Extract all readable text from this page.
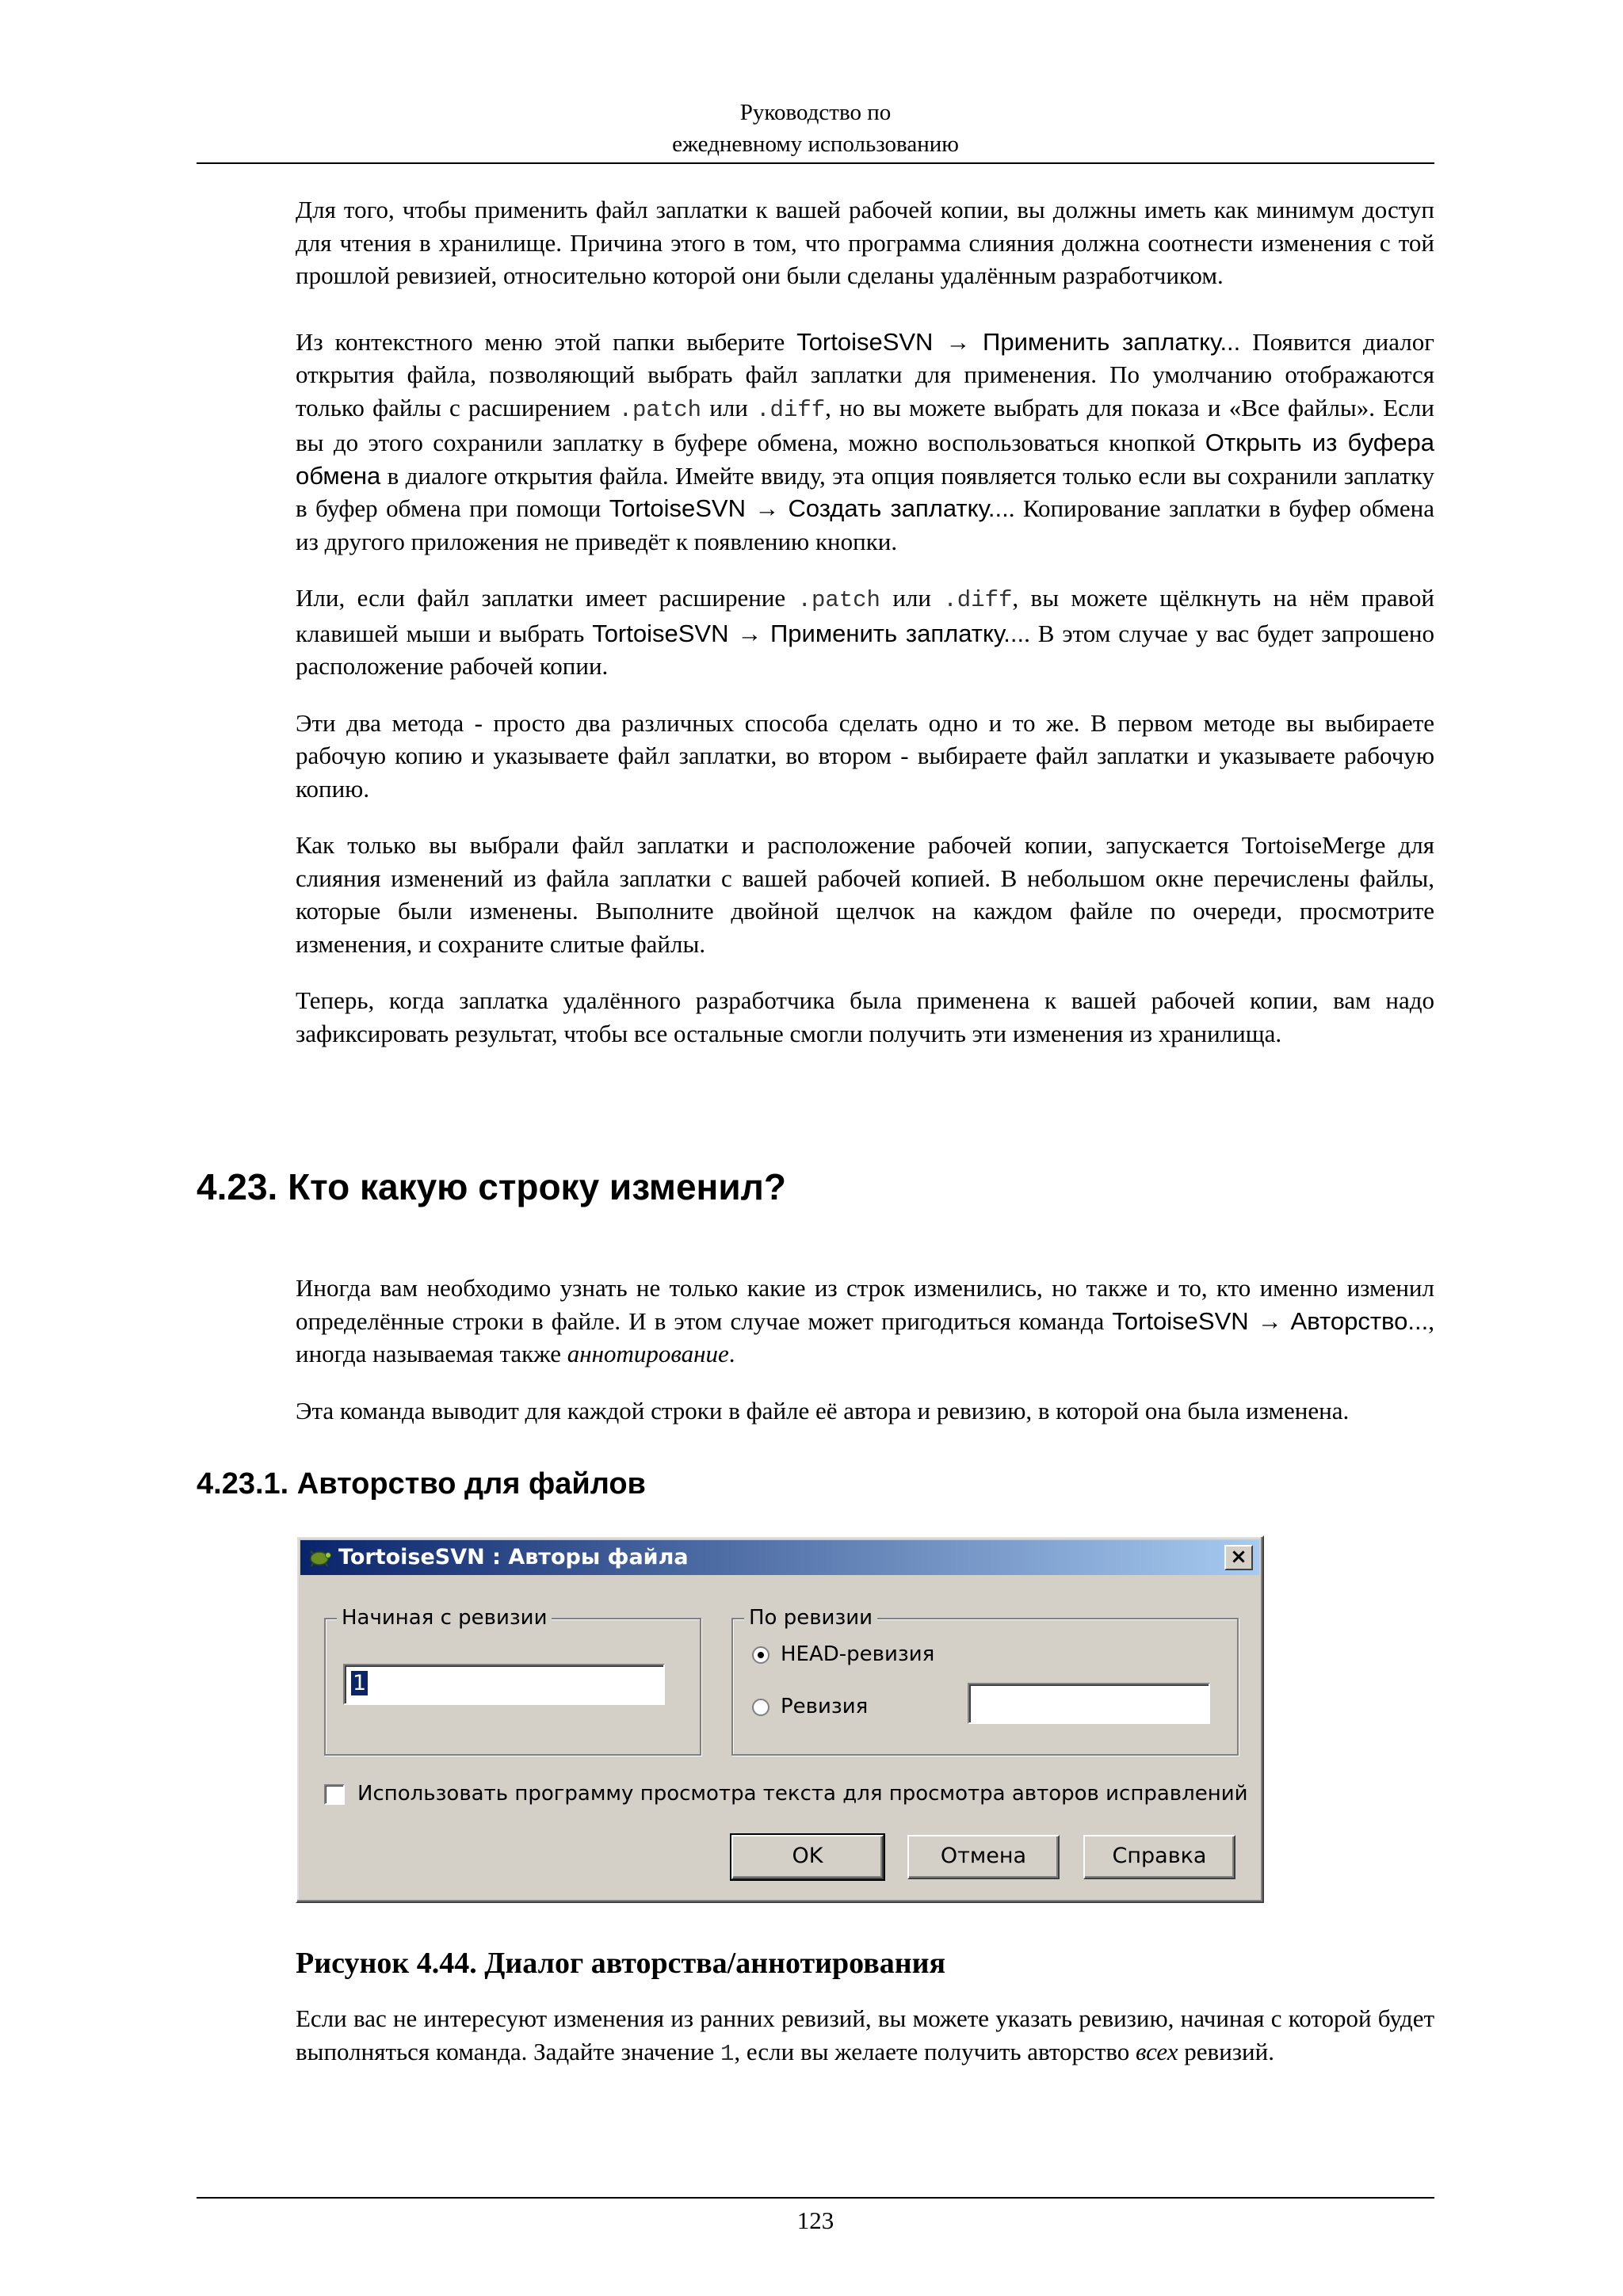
Руководство по
ежедневному использованию

Для того, чтобы применить файл заплатки к вашей рабочей копии, вы должны иметь как минимум доступ для чтения в хранилище. Причина этого в том, что программа слияния должна соотнести изменения с той прошлой ревизией, относительно которой они были сделаны удалённым разработчиком.

Из контекстного меню этой папки выберите TortoiseSVN → Применить заплатку... Появится диалог открытия файла, позволяющий выбрать файл заплатки для применения. По умолчанию отображаются только файлы с расширением .patch или .diff, но вы можете выбрать для показа и «Все файлы». Если вы до этого сохранили заплатку в буфере обмена, можно воспользоваться кнопкой Открыть из буфера обмена в диалоге открытия файла. Имейте ввиду, эта опция появляется только если вы сохранили заплатку в буфер обмена при помощи TortoiseSVN → Создать заплатку.... Копирование заплатки в буфер обмена из другого приложения не приведёт к появлению кнопки.

Или, если файл заплатки имеет расширение .patch или .diff, вы можете щёлкнуть на нём правой клавишей мыши и выбрать TortoiseSVN → Применить заплатку.... В этом случае у вас будет запрошено расположение рабочей копии.

Эти два метода - просто два различных способа сделать одно и то же. В первом методе вы выбираете рабочую копию и указываете файл заплатки, во втором - выбираете файл заплатки и указываете рабочую копию.

Как только вы выбрали файл заплатки и расположение рабочей копии, запускается TortoiseMerge для слияния изменений из файла заплатки с вашей рабочей копией. В небольшом окне перечислены файлы, которые были изменены. Выполните двойной щелчок на каждом файле по очереди, просмотрите изменения, и сохраните слитые файлы.

Теперь, когда заплатка удалённого разработчика была применена к вашей рабочей копии, вам надо зафиксировать результат, чтобы все остальные смогли получить эти изменения из хранилища.

4.23. Кто какую строку изменил?

Иногда вам необходимо узнать не только какие из строк изменились, но также и то, кто именно изменил определённые строки в файле. И в этом случае может пригодиться команда TortoiseSVN → Авторство..., иногда называемая также аннотирование.

Эта команда выводит для каждой строки в файле её автора и ревизию, в которой она была изменена.

4.23.1. Авторство для файлов
TortoiseSVN : Авторы файла	×
Начиная с ревизии
1
По ревизии
HEAD-ревизия
Ревизия
Использовать программу просмотра текста для просмотра авторов исправлений
OK	Отмена	Справка

Рисунок 4.44. Диалог авторства/аннотирования

Если вас не интересуют изменения из ранних ревизий, вы можете указать ревизию, начиная с которой будет выполняться команда. Задайте значение 1, если вы желаете получить авторство всех ревизий.

123
